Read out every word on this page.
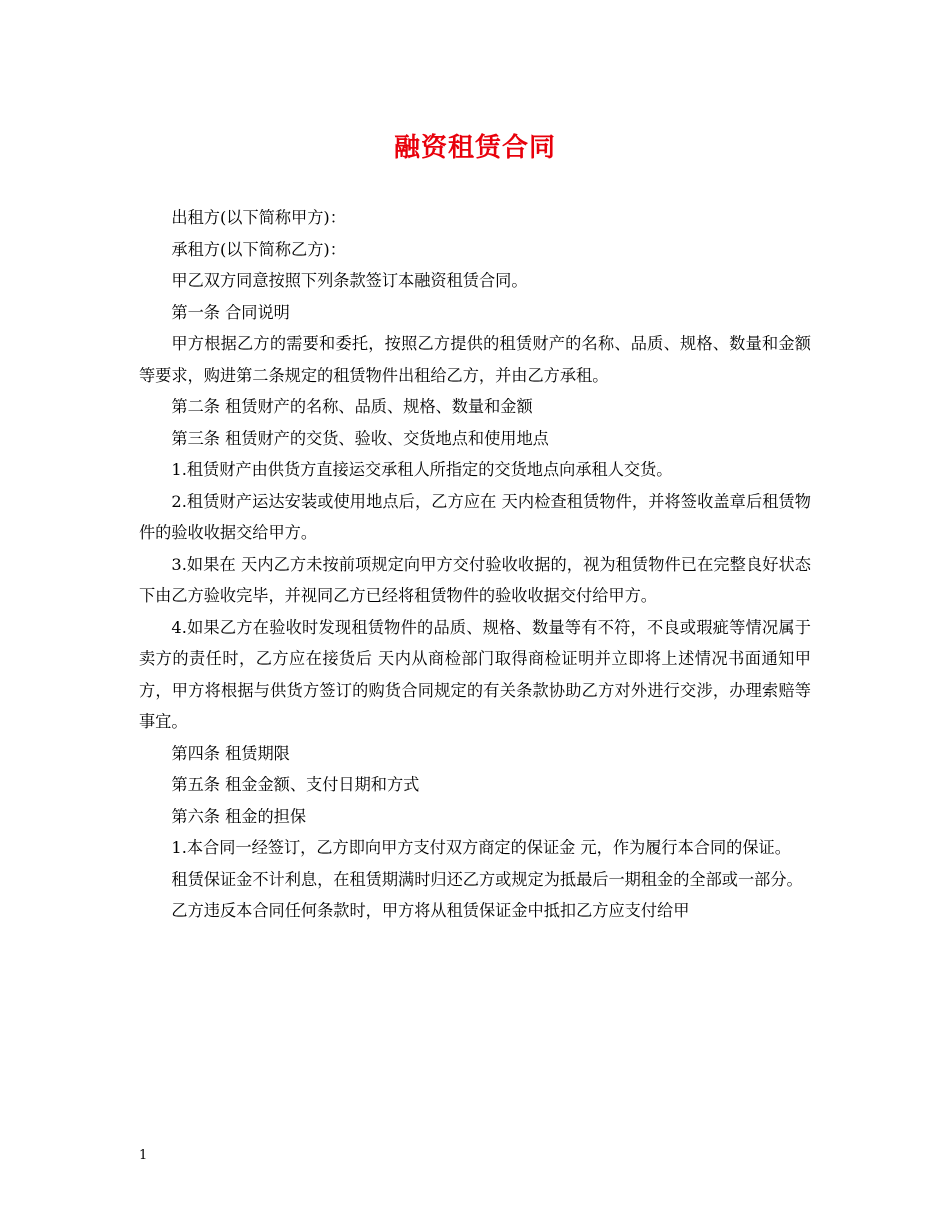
融资租赁合同

出租方(以下简称甲方)：

承租方(以下简称乙方)：

甲乙双方同意按照下列条款签订本融资租赁合同。

第一条 合同说明

甲方根据乙方的需要和委托，按照乙方提供的租赁财产的名称、品质、规格、数量和金额等要求，购进第二条规定的租赁物件出租给乙方，并由乙方承租。

第二条 租赁财产的名称、品质、规格、数量和金额

第三条 租赁财产的交货、验收、交货地点和使用地点

1.租赁财产由供货方直接运交承租人所指定的交货地点向承租人交货。

2.租赁财产运达安装或使用地点后，乙方应在 天内检查租赁物件，并将签收盖章后租赁物件的验收收据交给甲方。

3.如果在 天内乙方未按前项规定向甲方交付验收收据的，视为租赁物件已在完整良好状态下由乙方验收完毕，并视同乙方已经将租赁物件的验收收据交付给甲方。

4.如果乙方在验收时发现租赁物件的品质、规格、数量等有不符，不良或瑕疵等情况属于卖方的责任时，乙方应在接货后 天内从商检部门取得商检证明并立即将上述情况书面通知甲方，甲方将根据与供货方签订的购货合同规定的有关条款协助乙方对外进行交涉，办理索赔等事宜。

第四条 租赁期限

第五条 租金金额、支付日期和方式

第六条 租金的担保

1.本合同一经签订，乙方即向甲方支付双方商定的保证金 元，作为履行本合同的保证。

租赁保证金不计利息，在租赁期满时归还乙方或规定为抵最后一期租金的全部或一部分。

乙方违反本合同任何条款时，甲方将从租赁保证金中抵扣乙方应支付给甲

1
